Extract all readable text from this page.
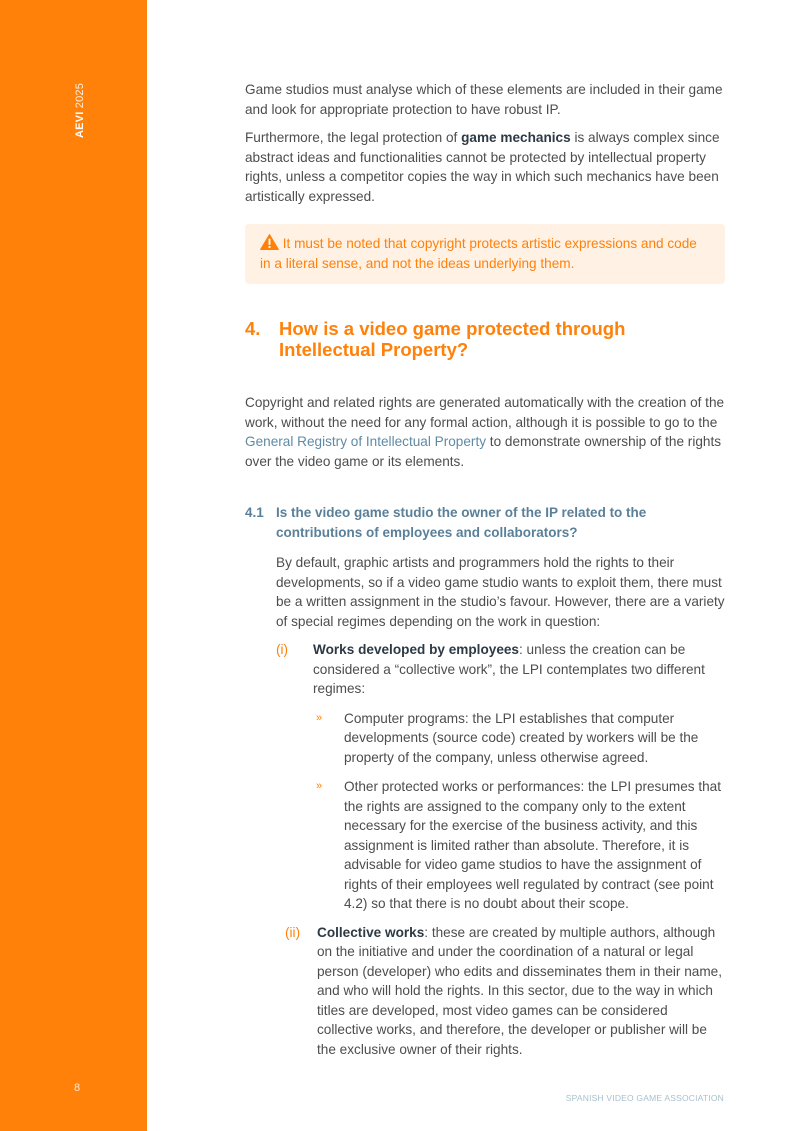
AEVI 2025
8

Game studios must analyse which of these elements are included in their game and look for appropriate protection to have robust IP.

Furthermore, the legal protection of game mechanics is always complex since abstract ideas and functionalities cannot be protected by intellectual property rights, unless a competitor copies the way in which such mechanics have been artistically expressed.

It must be noted that copyright protects artistic expressions and code in a literal sense, and not the ideas underlying them.
4.	How is a video game protected through Intellectual Property?

Copyright and related rights are generated automatically with the creation of the work, without the need for any formal action, although it is possible to go to the General Registry of Intellectual Property to demonstrate ownership of the rights over the video game or its elements.

4.1 Is the video game studio the owner of the IP related to the contributions of employees and collaborators?

By default, graphic artists and programmers hold the rights to their developments, so if a video game studio wants to exploit them, there must be a written assignment in the studio’s favour. However, there are a variety of special regimes depending on the work in question:

(i)	Works developed by employees: unless the creation can be considered a “collective work”, the LPI contemplates two different regimes:

»	Computer programs: the LPI establishes that computer developments (source code) created by workers will be the property of the company, unless otherwise agreed.

»	Other protected works or performances: the LPI presumes that the rights are assigned to the company only to the extent necessary for the exercise of the business activity, and this assignment is limited rather than absolute. Therefore, it is advisable for video game studios to have the assignment of rights of their employees well regulated by contract (see point 4.2) so that there is no doubt about their scope.

(ii)	Collective works: these are created by multiple authors, although on the initiative and under the coordination of a natural or legal person (developer) who edits and disseminates them in their name, and who will hold the rights. In this sector, due to the way in which titles are developed, most video games can be considered collective works, and therefore, the developer or publisher will be the exclusive owner of their rights.

SPANISH VIDEO GAME ASSOCIATION
